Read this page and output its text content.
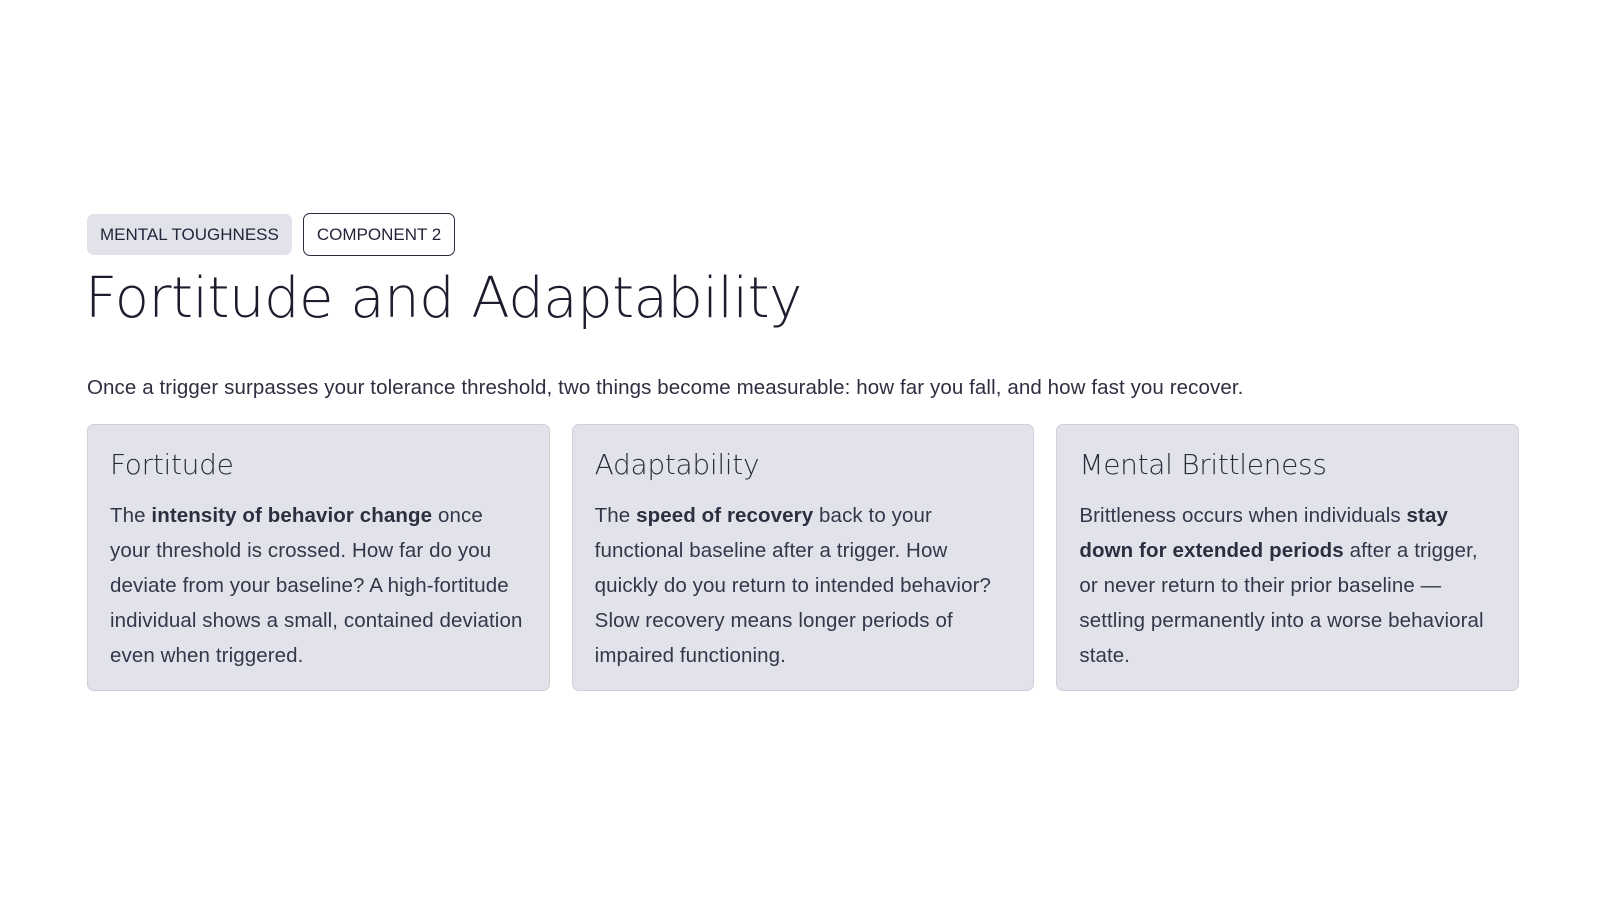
MENTAL TOUGHNESS	COMPONENT 2
Fortitude and Adaptability
Once a trigger surpasses your tolerance threshold, two things become measurable: how far you fall, and how fast you recover.
Fortitude
The intensity of behavior change once your threshold is crossed. How far do you deviate from your baseline? A high-fortitude individual shows a small, contained deviation even when triggered.
Adaptability
The speed of recovery back to your functional baseline after a trigger. How quickly do you return to intended behavior? Slow recovery means longer periods of impaired functioning.
Mental Brittleness
Brittleness occurs when individuals stay down for extended periods after a trigger, or never return to their prior baseline — settling permanently into a worse behavioral state.
